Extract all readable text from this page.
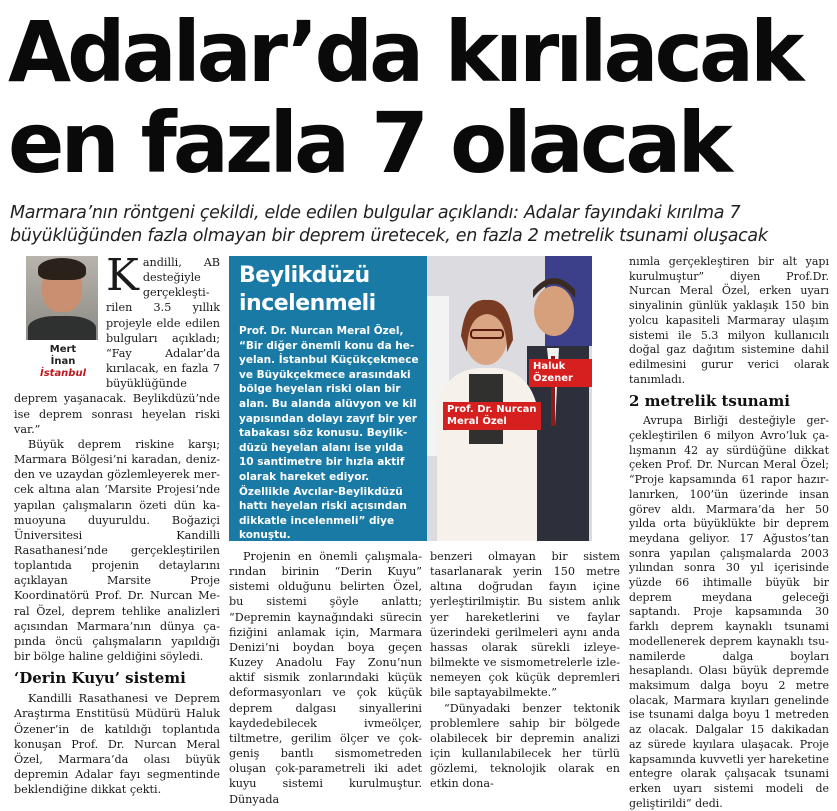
Adalar’da kırılacak
en fazla 7 olacak
Marmara’nın röntgeni çekildi, elde edilen bulgular açıklandı: Adalar fayındaki kırılma 7 büyüklüğünden fazla olmayan bir deprem üretecek, en fazla 2 metrelik tsunami oluşacak
Mert
İnan
İstanbul

K andilli, AB desteğiyle gerçekleştirilen 3.5 yıllık projeyle elde edilen bulguları açıkladı; “Fay Adalar’da kırılacak, en fazla 7 büyüklüğünde deprem yaşanacak. Beylikdüzü’nde ise deprem sonrası heyelan riski var.”

Büyük deprem riskine karşı; Marmara Bölgesi’ni karadan, denizden ve uzaydan gözlemleyerek mercek altına alan ‘Marsite Projesi’nde yapılan çalışmaların özeti dün kamuoyuna duyuruldu. Boğaziçi Üniversitesi Kandilli Rasathanesi’nde gerçekleştirilen toplantıda projenin detaylarını açıklayan Marsite Proje Koordinatörü Prof. Dr. Nurcan Meral Özel, deprem tehlike analizleri açısından Marmara’nın dünya çapında öncü çalışmaların yapıldığı bir bölge haline geldiğini söyledi.

‘Derin Kuyu’ sistemi

Kandilli Rasathanesi ve Deprem Araştırma Enstitüsü Müdürü Haluk Özener’in de katıldığı toplantıda konuşan Prof. Dr. Nurcan Meral Özel, Marmara’da olası büyük depremin Adalar fayı segmentinde beklendiğine dikkat çekti.

Beylikdüzü
incelenmeli
Prof. Dr. Nurcan Meral Özel, “Bir diğer önemli konu da heyelan. İstanbul Küçükçekmece ve Büyükçekmece arasındaki bölge heyelan riski olan bir alan. Bu alanda alüvyon ve kil yapısından dolayı zayıf bir yer tabakası söz konusu. Beylikdüzü heyelan alanı ise yılda 10 santimetre bir hızla aktif olarak hareket ediyor. Özellikle Avcılar-Beylikdüzü hattı heyelan riski açısından dikkatle incelenmeli” diye konuştu.
Prof. Dr. Nurcan
Meral Özel
Haluk Özener

Projenin en önemli çalışmalarından birinin “Derin Kuyu” sistemi olduğunu belirten Özel, bu sistemi şöyle anlattı; “Depremin kaynağındaki sürecin fiziğini anlamak için, Marmara Denizi’ni boydan boya geçen Kuzey Anadolu Fay Zonu’nun aktif sismik zonlarındaki küçük deformasyonları ve çok küçük deprem dalgası sinyallerini kaydedebilecek ivmeölçer, tiltmetre, gerilim ölçer ve çok-geniş bantlı sismometreden oluşan çok-parametreli iki adet kuyu sistemi kurulmuştur. Dünyada

benzeri olmayan bir sistem tasarlanarak yerin 150 metre altına doğrudan fayın içine yerleştirilmiştir. Bu sistem anlık yer hareketlerini ve faylar üzerindeki gerilmeleri aynı anda hassas olarak sürekli izleyebilmekte ve sismometrelerle izlenemeyen çok küçük depremleri bile saptayabilmekte.”

“Dünyadaki benzer tektonik problemlere sahip bir bölgede olabilecek bir depremin analizi için kullanılabilecek her türlü gözlemi, teknolojik olarak en etkin dona-

nımla gerçekleştiren bir alt yapı kurulmuştur” diyen Prof.Dr. Nurcan Meral Özel, erken uyarı sinyalinin günlük yaklaşık 150 bin yolcu kapasiteli Marmaray ulaşım sistemi ile 5.3 milyon kullanıcılı doğal gaz dağıtım sistemine dahil edilmesini gurur verici olarak tanımladı.

2 metrelik tsunami

Avrupa Birliği desteğiyle gerçekleştirilen 6 milyon Avro’luk çalışmanın 42 ay sürdüğüne dikkat çeken Prof. Dr. Nurcan Meral Özel; “Proje kapsamında 61 rapor hazırlanırken, 100’ün üzerinde insan görev aldı. Marmara’da her 50 yılda orta büyüklükte bir deprem meydana geliyor. 17 Ağustos’tan sonra yapılan çalışmalarda 2003 yılından sonra 30 yıl içerisinde yüzde 66 ihtimalle büyük bir deprem meydana geleceği saptandı. Proje kapsamında 30 farklı deprem kaynaklı tsunami modellenerek deprem kaynaklı tsunamilerde dalga boyları hesaplandı. Olası büyük depremde maksimum dalga boyu 2 metre olacak, Marmara kıyıları genelinde ise tsunami dalga boyu 1 metreden az olacak. Dalgalar 15 dakikadan az sürede kıyılara ulaşacak. Proje kapsamında kuvvetli yer hareketine entegre olarak çalışacak tsunami erken uyarı sistemi modeli de geliştirildi” dedi.
